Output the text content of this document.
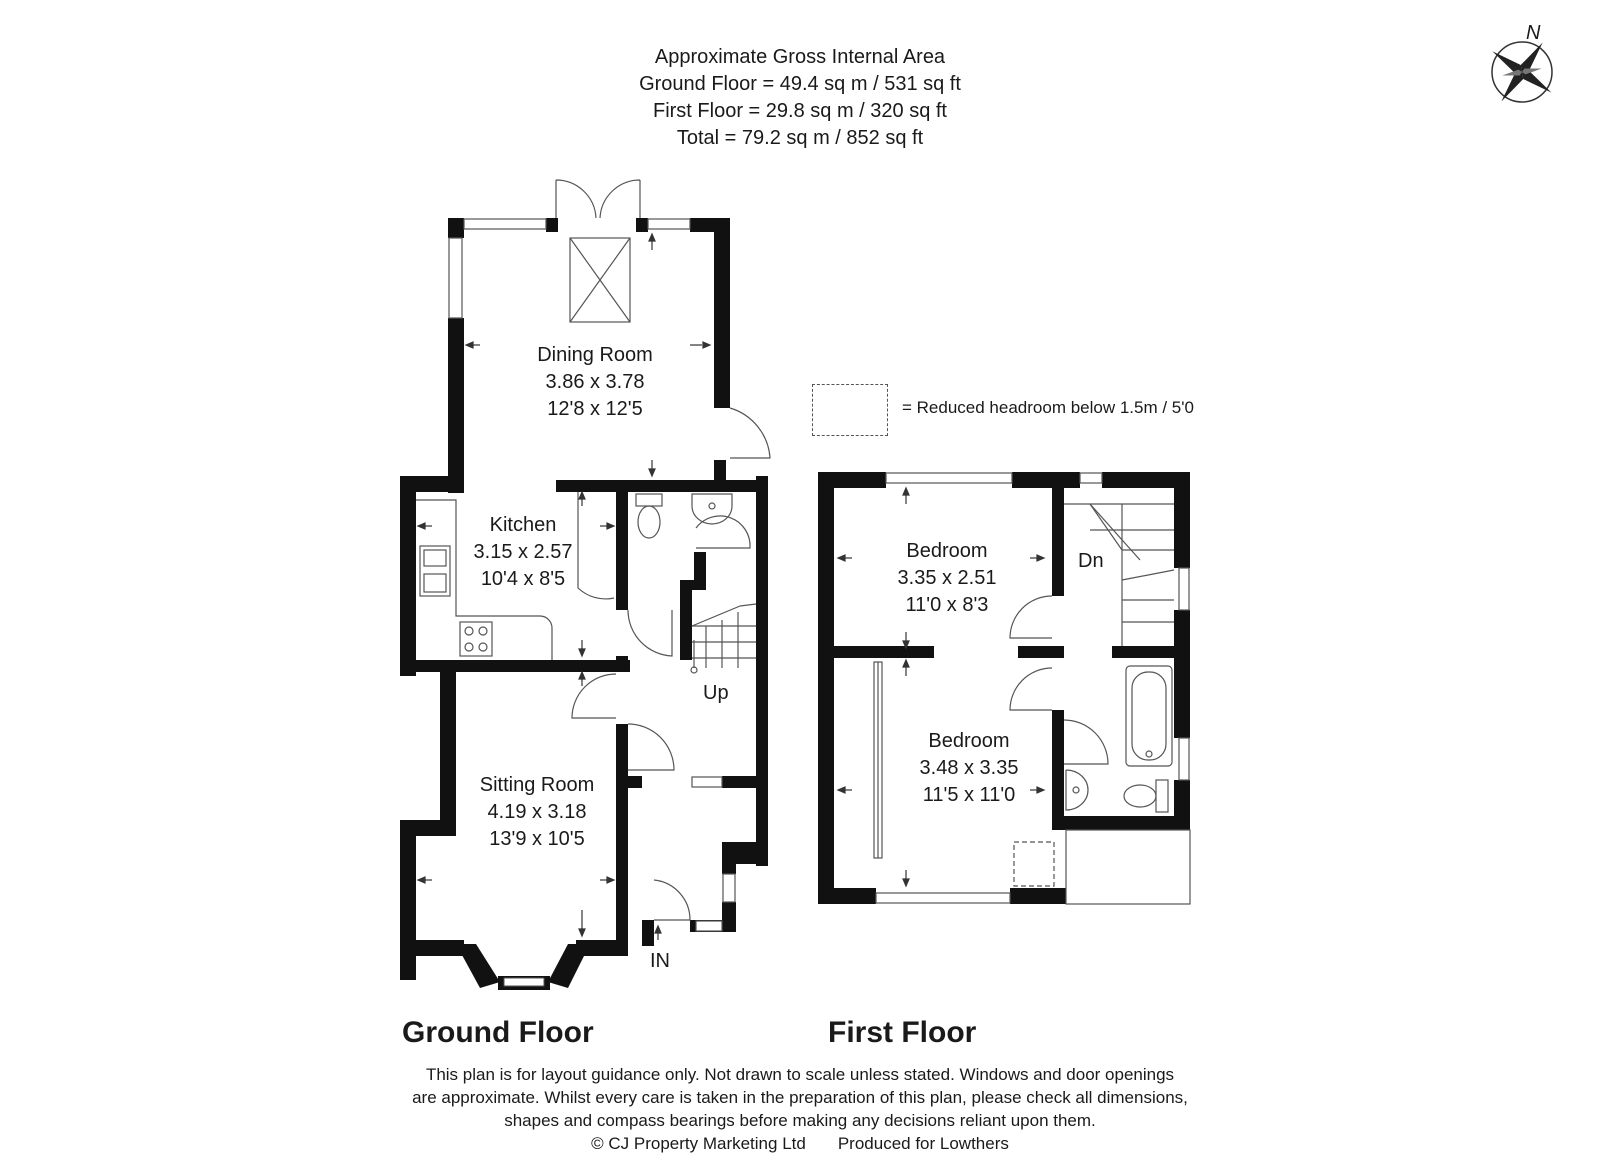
N
Approximate Gross Internal Area
Ground Floor = 49.4 sq m / 531 sq ft
First Floor = 29.8 sq m / 320 sq ft
Total = 79.2 sq m / 852 sq ft
= Reduced headroom below 1.5m / 5'0
Dining Room
3.86 x 3.78
12'8 x 12'5
Kitchen
3.15 x 2.57
10'4 x 8'5
Sitting Room
4.19 x 3.18
13'9 x 10'5
Up
IN
Bedroom
3.35 x 2.51
11'0 x 8'3
Bedroom
3.48 x 3.35
11'5 x 11'0
Dn
Ground Floor	First Floor
This plan is for layout guidance only. Not drawn to scale unless stated. Windows and door openings
are approximate. Whilst every care is taken in the preparation of this plan, please check all dimensions,
shapes and compass bearings before making any decisions reliant upon them.
© CJ Property Marketing Ltd Produced for Lowthers
